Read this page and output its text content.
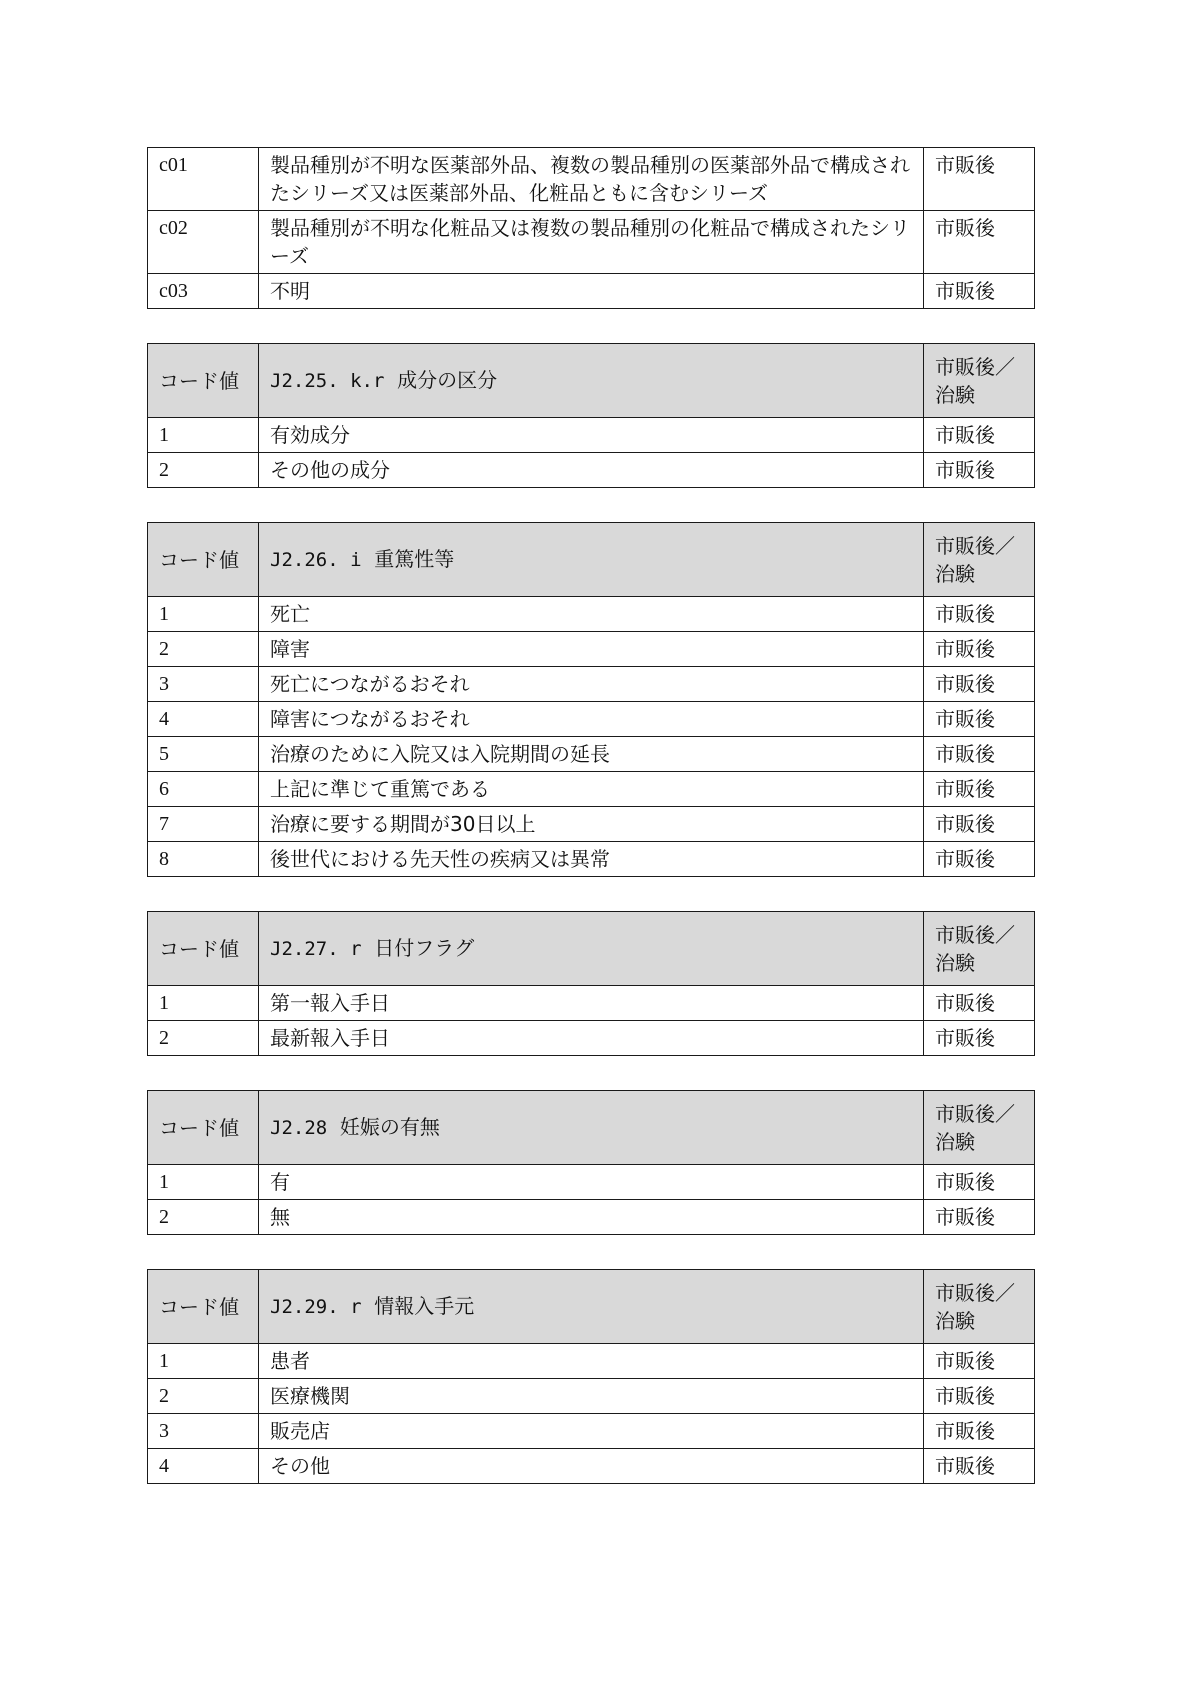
c01	製品種別が不明な医薬部外品、複数の製品種別の医薬部外品で構成されたシリーズ又は医薬部外品、化粧品ともに含むシリーズ	市販後
c02	製品種別が不明な化粧品又は複数の製品種別の化粧品で構成されたシリーズ	市販後
c03	不明	市販後
コード値	J2.25. k.r 成分の区分	市販後／
治験

1	有効成分	市販後
2	その他の成分	市販後
コード値	J2.26. i 重篤性等	市販後／
治験

1	死亡	市販後
2	障害	市販後
3	死亡につながるおそれ	市販後
4	障害につながるおそれ	市販後
5	治療のために入院又は入院期間の延長	市販後
6	上記に準じて重篤である	市販後
7	治療に要する期間が30日以上	市販後
8	後世代における先天性の疾病又は異常	市販後
コード値	J2.27. r 日付フラグ	市販後／
治験

1	第一報入手日	市販後
2	最新報入手日	市販後
コード値	J2.28 妊娠の有無	市販後／
治験

1	有	市販後
2	無	市販後
コード値	J2.29. r 情報入手元	市販後／
治験

1	患者	市販後
2	医療機関	市販後
3	販売店	市販後
4	その他	市販後
